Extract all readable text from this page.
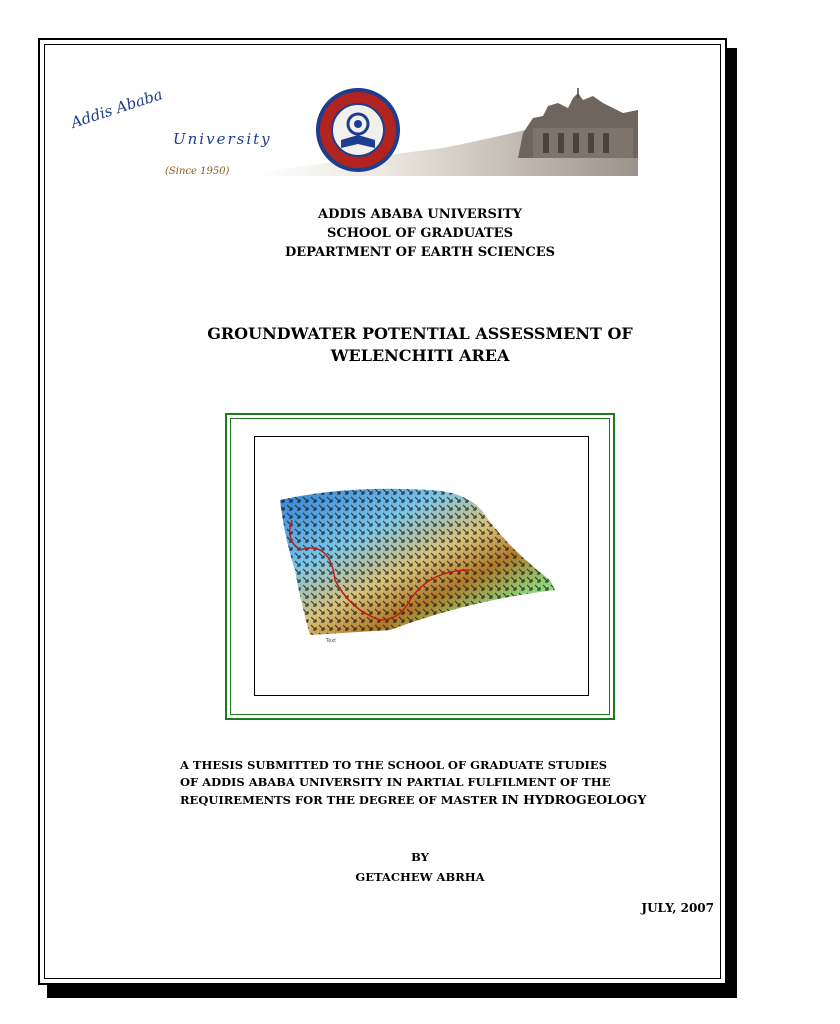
Addis Ababa
University
(Since 1950)
ADDIS ABABA UNIVERSITY
SCHOOL OF GRADUATES
DEPARTMENT OF EARTH SCIENCES
GROUNDWATER POTENTIAL ASSESSMENT OF
WELENCHITI AREA
Text
A THESIS SUBMITTED TO THE SCHOOL OF GRADUATE STUDIES
OF ADDIS ABABA UNIVERSITY IN PARTIAL FULFILMENT OF THE
REQUIREMENTS FOR THE DEGREE OF MASTER IN HYDROGEOLOGY
BY
GETACHEW ABRHA
JULY, 2007
